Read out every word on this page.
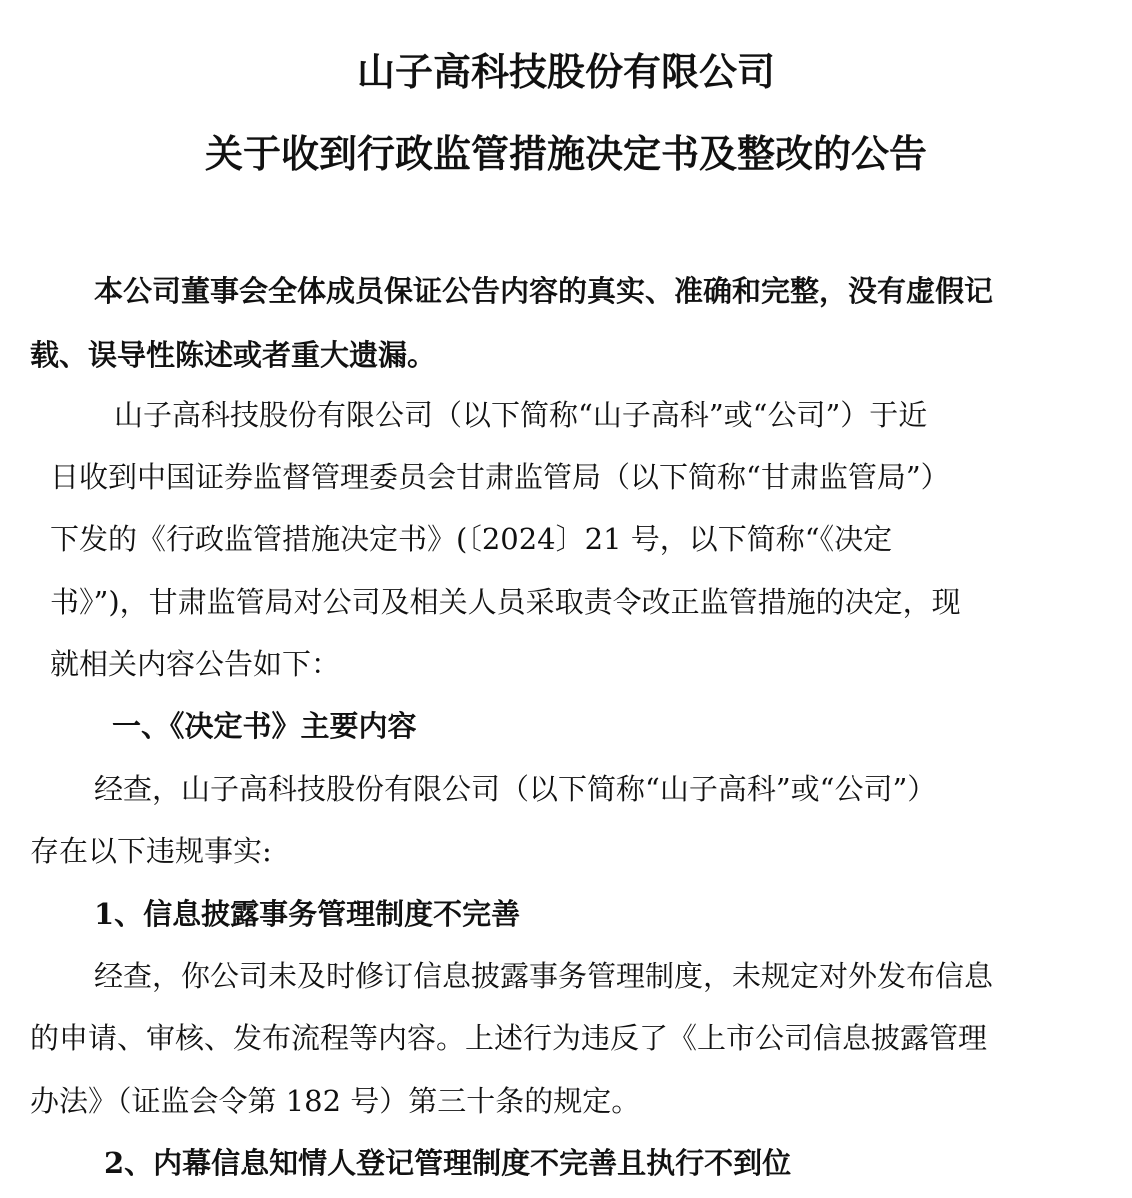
山子高科技股份有限公司
关于收到行政监管措施决定书及整改的公告
本公司董事会全体成员保证公告内容的真实、准确和完整，没有虚假记
载、误导性陈述或者重大遗漏。
山子高科技股份有限公司（以下简称“山子高科”或“公司”）于近
日收到中国证券监督管理委员会甘肃监管局（以下简称“甘肃监管局”）
下发的《行政监管措施决定书》(〔2024〕21 号，以下简称“《决定
书》”)，甘肃监管局对公司及相关人员采取责令改正监管措施的决定，现
就相关内容公告如下：
一、《决定书》主要内容
经查，山子高科技股份有限公司（以下简称“山子高科”或“公司”）
存在以下违规事实:
1、信息披露事务管理制度不完善
经查，你公司未及时修订信息披露事务管理制度，未规定对外发布信息
的申请、审核、发布流程等内容。上述行为违反了《上市公司信息披露管理
办法》（证监会令第 182 号）第三十条的规定。
2、内幕信息知情人登记管理制度不完善且执行不到位
